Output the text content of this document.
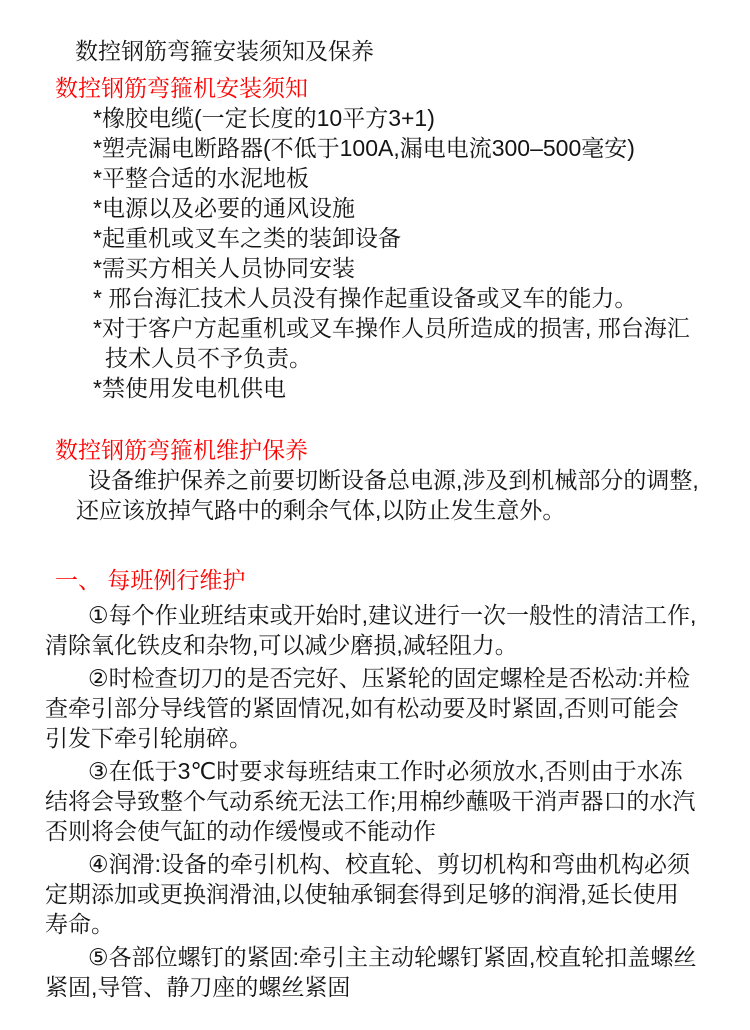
数控钢筋弯箍安装须知及保养
数控钢筋弯箍机安装须知
*橡胶电缆(一定长度的10平方3+1)
*塑壳漏电断路器(不低于100A,漏电电流300–500毫安)
*平整合适的水泥地板
*电源以及必要的通风设施
*起重机或叉车之类的装卸设备
*需买方相关人员协同安装
* 邢台海汇技术人员没有操作起重设备或叉车的能力。
*对于客户方起重机或叉车操作人员所造成的损害, 邢台海汇
技术人员不予负责。
*禁使用发电机供电
数控钢筋弯箍机维护保养
设备维护保养之前要切断设备总电源,涉及到机械部分的调整,
还应该放掉气路中的剩余气体,以防止发生意外。
一、 每班例行维护

①每个作业班结束或开始时,建议进行一次一般性的清洁工作,
清除氧化铁皮和杂物,可以减少磨损,减轻阻力。

②时检查切刀的是否完好、压紧轮的固定螺栓是否松动:并检
查牵引部分导线管的紧固情况,如有松动要及时紧固,否则可能会
引发下牵引轮崩碎。

③在低于3℃时要求每班结束工作时必须放水,否则由于水冻
结将会导致整个气动系统无法工作;用棉纱蘸吸干消声器口的水汽
否则将会使气缸的动作缓慢或不能动作

④润滑:设备的牵引机构、校直轮、剪切机构和弯曲机构必须
定期添加或更换润滑油,以使轴承铜套得到足够的润滑,延长使用
寿命。

⑤各部位螺钉的紧固:牵引主主动轮螺钉紧固,校直轮扣盖螺丝
紧固,导管、静刀座的螺丝紧固
